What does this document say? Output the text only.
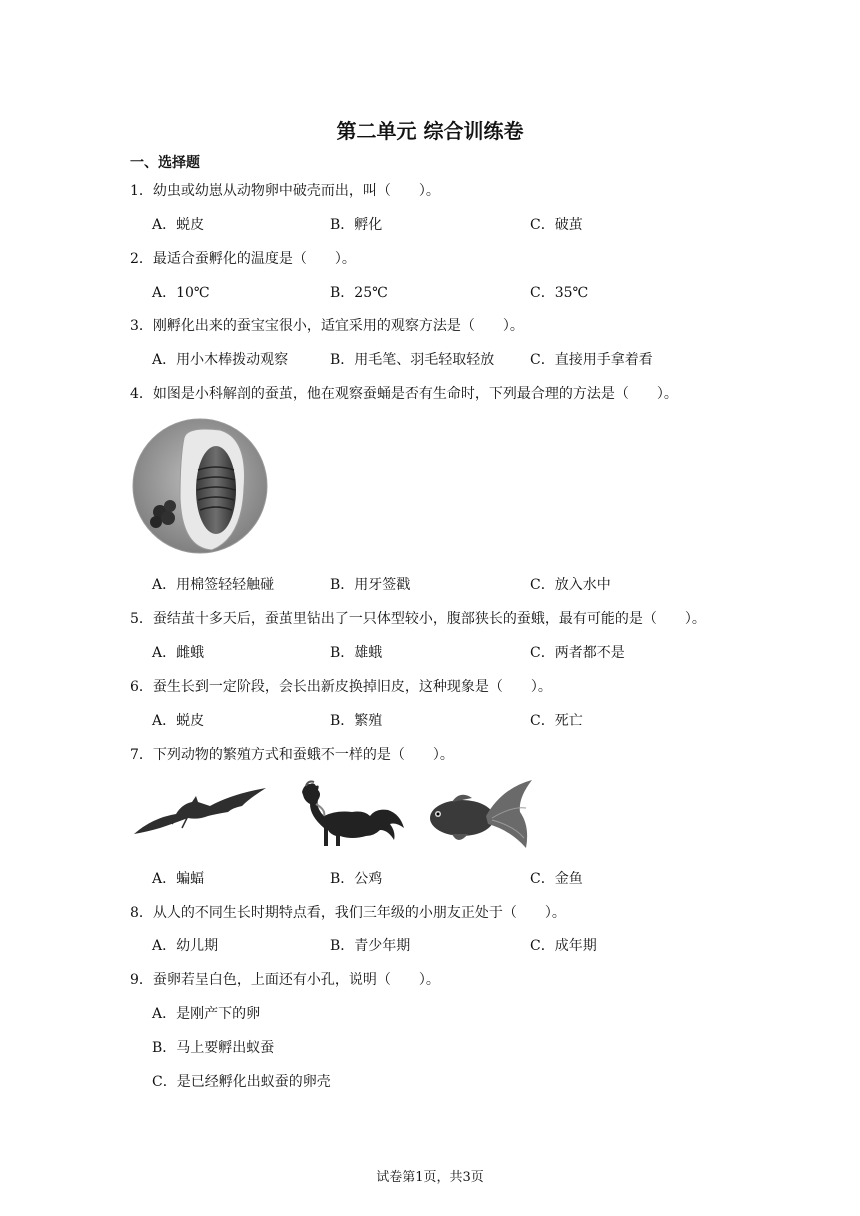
第二单元 综合训练卷
一、选择题
1．幼虫或幼崽从动物卵中破壳而出，叫（　　）。
A．蜕皮	B．孵化	C．破茧
2．最适合蚕孵化的温度是（　　）。
A．10℃	B．25℃	C．35℃
3．刚孵化出来的蚕宝宝很小，适宜采用的观察方法是（　　）。
A．用小木棒拨动观察	B．用毛笔、羽毛轻取轻放	C．直接用手拿着看
4．如图是小科解剖的蚕茧，他在观察蚕蛹是否有生命时，下列最合理的方法是（　　）。
A．用棉签轻轻触碰	B．用牙签戳	C．放入水中
5．蚕结茧十多天后，蚕茧里钻出了一只体型较小，腹部狭长的蚕蛾，最有可能的是（　　）。
A．雌蛾	B．雄蛾	C．两者都不是
6．蚕生长到一定阶段，会长出新皮换掉旧皮，这种现象是（　　）。
A．蜕皮	B．繁殖	C．死亡
7．下列动物的繁殖方式和蚕蛾不一样的是（　　）。
A．蝙蝠	B．公鸡	C．金鱼
8．从人的不同生长时期特点看，我们三年级的小朋友正处于（　　）。
A．幼儿期	B．青少年期	C．成年期
9．蚕卵若呈白色，上面还有小孔，说明（　　）。
A．是刚产下的卵
B．马上要孵出蚁蚕
C．是已经孵化出蚁蚕的卵壳
试卷第1页，共3页
